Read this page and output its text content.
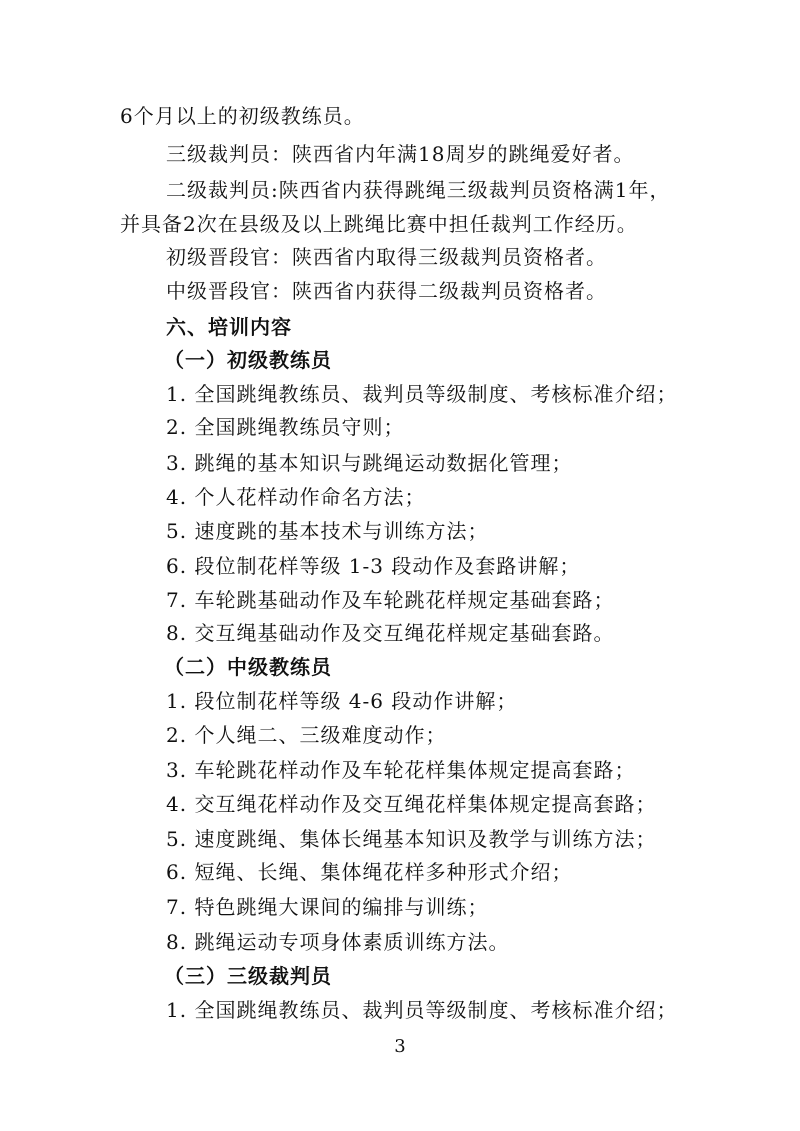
6个月以上的初级教练员。
三级裁判员：陕西省内年满18周岁的跳绳爱好者。
二级裁判员:陕西省内获得跳绳三级裁判员资格满1年，
并具备2次在县级及以上跳绳比赛中担任裁判工作经历。
初级晋段官：陕西省内取得三级裁判员资格者。
中级晋段官：陕西省内获得二级裁判员资格者。
六、培训内容
（一）初级教练员
1. 全国跳绳教练员、裁判员等级制度、考核标准介绍；
2. 全国跳绳教练员守则；
3. 跳绳的基本知识与跳绳运动数据化管理；
4. 个人花样动作命名方法；
5. 速度跳的基本技术与训练方法；
6. 段位制花样等级 1-3 段动作及套路讲解；
7. 车轮跳基础动作及车轮跳花样规定基础套路；
8. 交互绳基础动作及交互绳花样规定基础套路。
（二）中级教练员
1. 段位制花样等级 4-6 段动作讲解；
2. 个人绳二、三级难度动作；
3. 车轮跳花样动作及车轮花样集体规定提高套路；
4. 交互绳花样动作及交互绳花样集体规定提高套路；
5. 速度跳绳、集体长绳基本知识及教学与训练方法；
6. 短绳、长绳、集体绳花样多种形式介绍；
7. 特色跳绳大课间的编排与训练；
8. 跳绳运动专项身体素质训练方法。
（三）三级裁判员
1. 全国跳绳教练员、裁判员等级制度、考核标准介绍；
3
